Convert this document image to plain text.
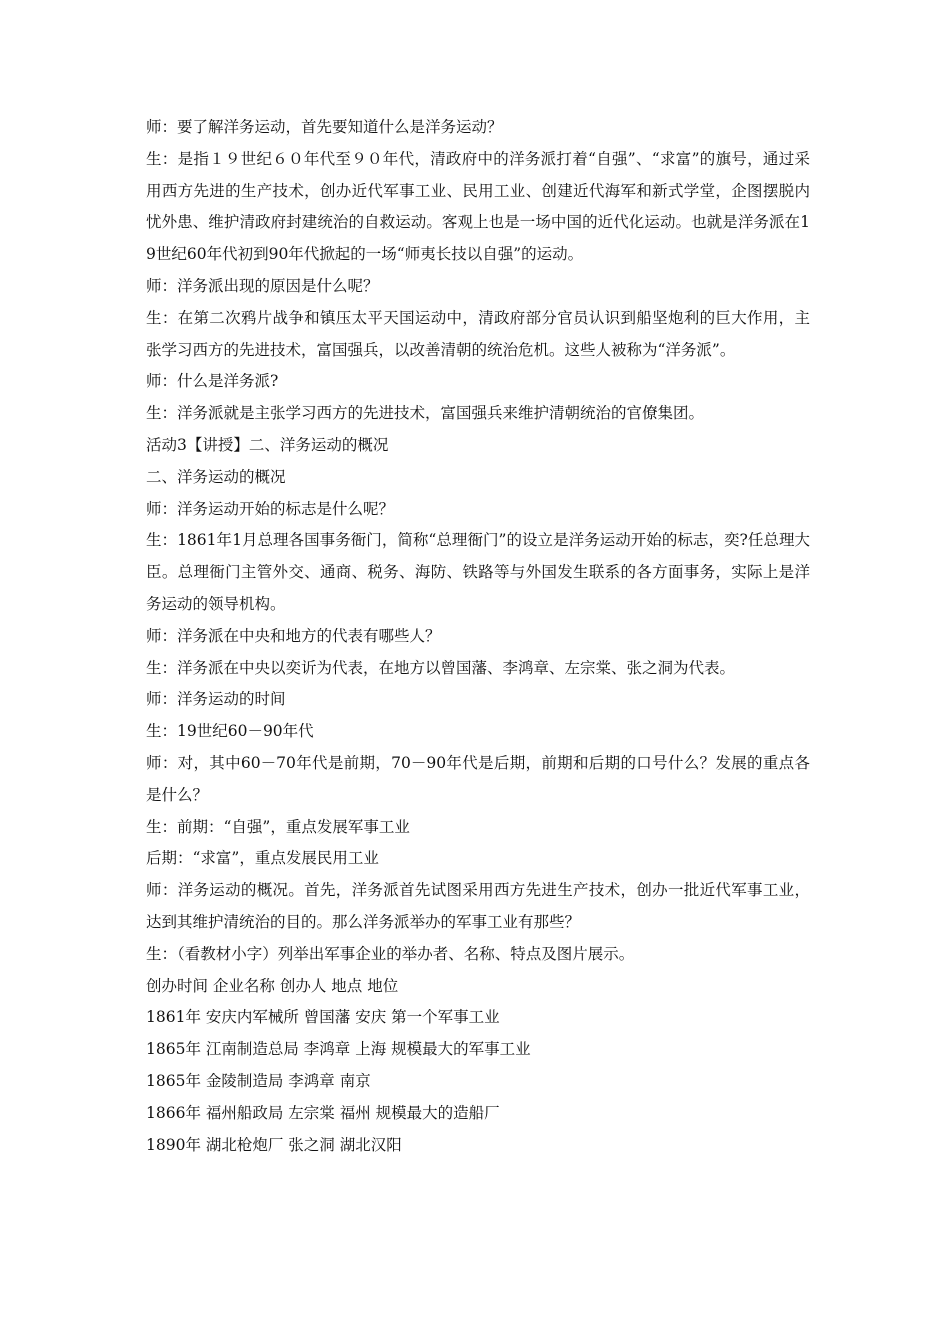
师：要了解洋务运动，首先要知道什么是洋务运动？

生：是指１９世纪６０年代至９０年代，清政府中的洋务派打着“自强”、“求富”的旗号，通过采用西方先进的生产技术，创办近代军事工业、民用工业、创建近代海军和新式学堂，企图摆脱内忧外患、维护清政府封建统治的自救运动。客观上也是一场中国的近代化运动。也就是洋务派在19世纪60年代初到90年代掀起的一场“师夷长技以自强”的运动。

师：洋务派出现的原因是什么呢？

生：在第二次鸦片战争和镇压太平天国运动中，清政府部分官员认识到船坚炮利的巨大作用，主张学习西方的先进技术，富国强兵，以改善清朝的统治危机。这些人被称为“洋务派”。

师：什么是洋务派?

生：洋务派就是主张学习西方的先进技术，富国强兵来维护清朝统治的官僚集团。

活动3【讲授】二、洋务运动的概况

二、洋务运动的概况

师：洋务运动开始的标志是什么呢？

生：1861年1月总理各国事务衙门，简称“总理衙门”的设立是洋务运动开始的标志，奕?任总理大臣。总理衙门主管外交、通商、税务、海防、铁路等与外国发生联系的各方面事务，实际上是洋务运动的领导机构。

师：洋务派在中央和地方的代表有哪些人？

生：洋务派在中央以奕䜣为代表，在地方以曾国藩、李鸿章、左宗棠、张之洞为代表。

师：洋务运动的时间

生：19世纪60－90年代

师：对，其中60－70年代是前期，70－90年代是后期，前期和后期的口号什么？发展的重点各是什么？

生：前期：“自强”，重点发展军事工业

后期：“求富”，重点发展民用工业

师：洋务运动的概况。首先，洋务派首先试图采用西方先进生产技术，创办一批近代军事工业，达到其维护清统治的目的。那么洋务派举办的军事工业有那些？

生：（看教材小字）列举出军事企业的举办者、名称、特点及图片展示。

创办时间 企业名称 创办人 地点 地位

1861年 安庆内军械所 曾国藩 安庆 第一个军事工业

1865年 江南制造总局 李鸿章 上海 规模最大的军事工业

1865年 金陵制造局 李鸿章 南京

1866年 福州船政局 左宗棠 福州 规模最大的造船厂

1890年 湖北枪炮厂 张之洞 湖北汉阳
